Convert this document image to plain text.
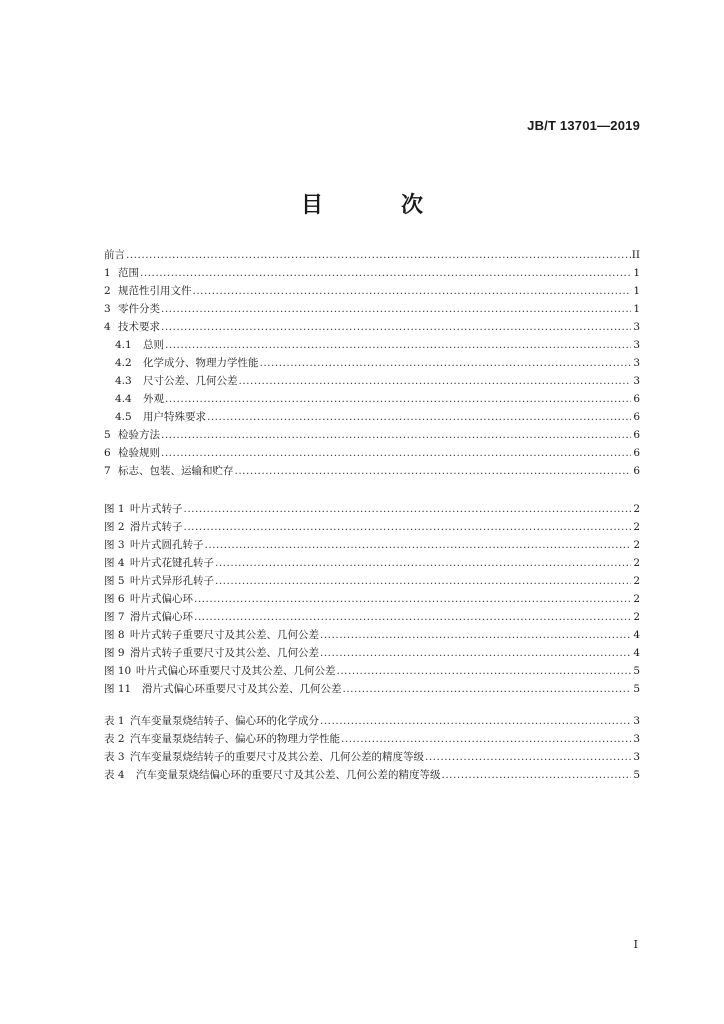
JB/T 13701—2019
目　次
前言 .....	II
1 范围 .....	1
2 规范性引用文件 .....	1
3 零件分类 .....	1
4 技术要求 .....	3
4.1 总则 .....	3
4.2 化学成分、物理力学性能 .....	3
4.3 尺寸公差、几何公差 .....	3
4.4 外观 .....	6
4.5 用户特殊要求 .....	6
5 检验方法 .....	6
6 检验规则 .....	6
7 标志、包装、运输和贮存 .....	6
图 1 叶片式转子 .....	2
图 2 滑片式转子 .....	2
图 3 叶片式圆孔转子 .....	2
图 4 叶片式花键孔转子 .....	2
图 5 叶片式异形孔转子 .....	2
图 6 叶片式偏心环 .....	2
图 7 滑片式偏心环 .....	2
图 8 叶片式转子重要尺寸及其公差、几何公差 .....	4
图 9 滑片式转子重要尺寸及其公差、几何公差 .....	4
图 10 叶片式偏心环重要尺寸及其公差、几何公差 .....	5
图 11 滑片式偏心环重要尺寸及其公差、几何公差 .....	5
表 1 汽车变量泵烧结转子、偏心环的化学成分 .....	3
表 2 汽车变量泵烧结转子、偏心环的物理力学性能 .....	3
表 3 汽车变量泵烧结转子的重要尺寸及其公差、几何公差的精度等级 .....	3
表 4 汽车变量泵烧结偏心环的重要尺寸及其公差、几何公差的精度等级 .....	5
I
